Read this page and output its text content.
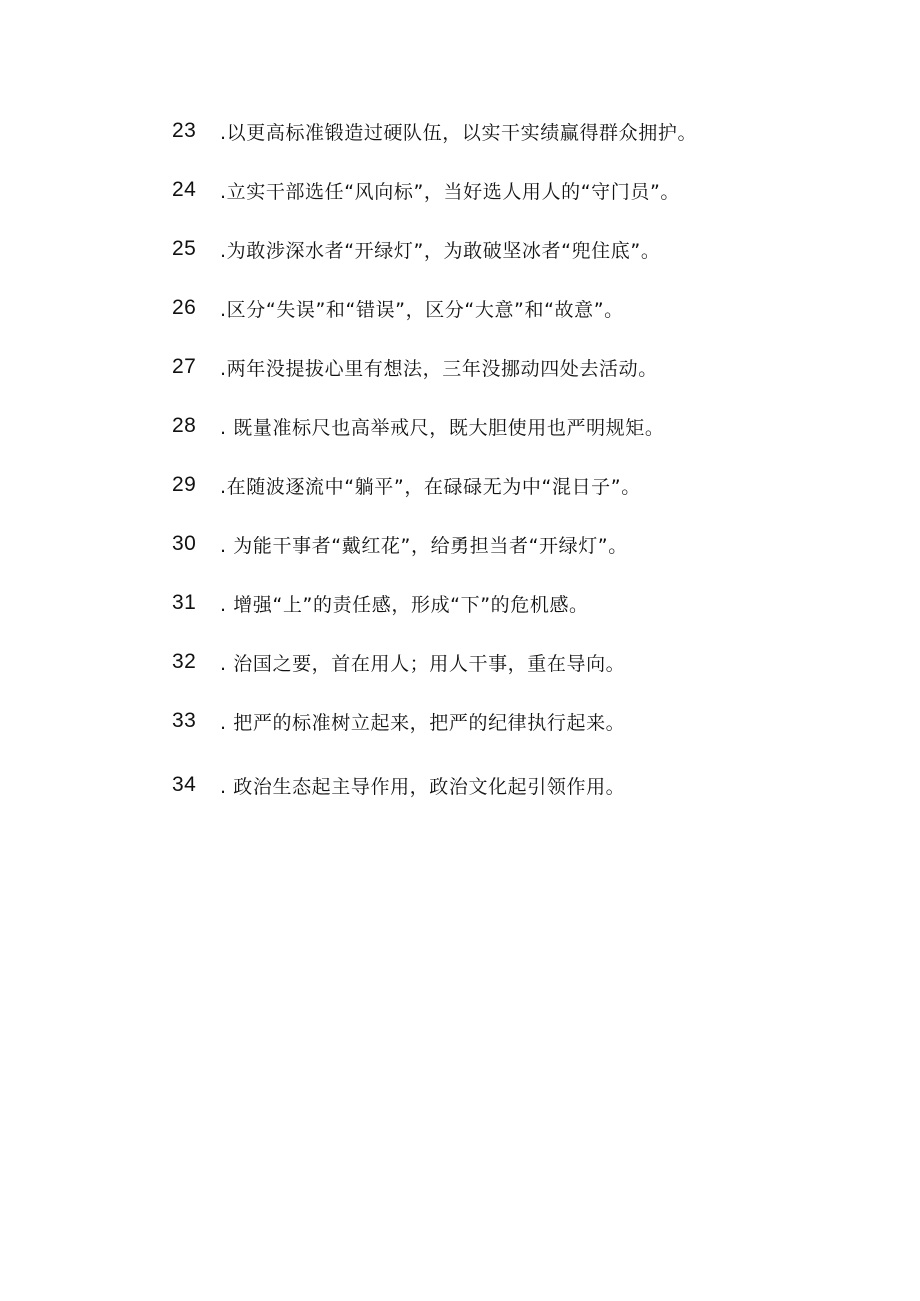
23	.以更高标准锻造过硬队伍，以实干实绩赢得群众拥护。
24	.立实干部选任“风向标”，当好选人用人的“守门员”。
25	.为敢涉深水者“开绿灯”，为敢破坚冰者“兜住底”。
26	.区分“失误”和“错误”，区分“大意”和“故意”。
27	.两年没提拔心里有想法，三年没挪动四处去活动。
28	. 既量准标尺也高举戒尺，既大胆使用也严明规矩。
29	.在随波逐流中“躺平”，在碌碌无为中“混日子”。
30	. 为能干事者“戴红花”，给勇担当者“开绿灯”。
31	. 增强“上”的责任感，形成“下”的危机感。
32	. 治国之要，首在用人；用人干事，重在导向。
33	. 把严的标准树立起来，把严的纪律执行起来。
34	. 政治生态起主导作用，政治文化起引领作用。
